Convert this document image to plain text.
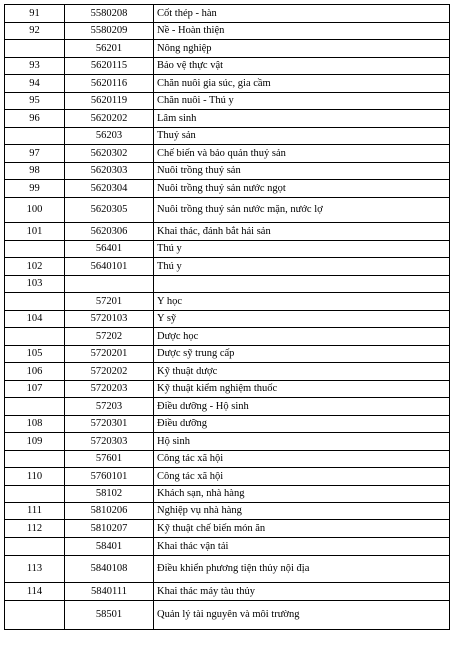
91	5580208	Cốt thép - hàn
92	5580209	Nề - Hoàn thiện
	56201	Nông nghiệp
93	5620115	Bảo vệ thực vật
94	5620116	Chăn nuôi gia súc, gia cầm
95	5620119	Chăn nuôi - Thú y
96	5620202	Lâm sinh
	56203	Thuỷ sản
97	5620302	Chế biến và bảo quản thuỷ sản
98	5620303	Nuôi trồng thuỷ sản
99	5620304	Nuôi trồng thuỷ sản nước ngọt
100	5620305	Nuôi trồng thuỷ sản nước mặn, nước lợ
101	5620306	Khai thác, đánh bắt hải sản
	56401	Thú y
102	5640101	Thú y
103		
	57201	Y học
104	5720103	Y sỹ
	57202	Dược học
105	5720201	Dược sỹ trung cấp
106	5720202	Kỹ thuật dược
107	5720203	Kỹ thuật kiểm nghiệm thuốc
	57203	Điều dưỡng - Hộ sinh
108	5720301	Điều dưỡng
109	5720303	Hộ sinh
	57601	Công tác xã hội
110	5760101	Công tác xã hội
	58102	Khách sạn, nhà hàng
111	5810206	Nghiệp vụ nhà hàng
112	5810207	Kỹ thuật chế biến món ăn
	58401	Khai thác vận tải
113	5840108	Điều khiển phương tiện thủy nội địa
114	5840111	Khai thác máy tàu thủy
	58501	Quản lý tài nguyên và môi trường
